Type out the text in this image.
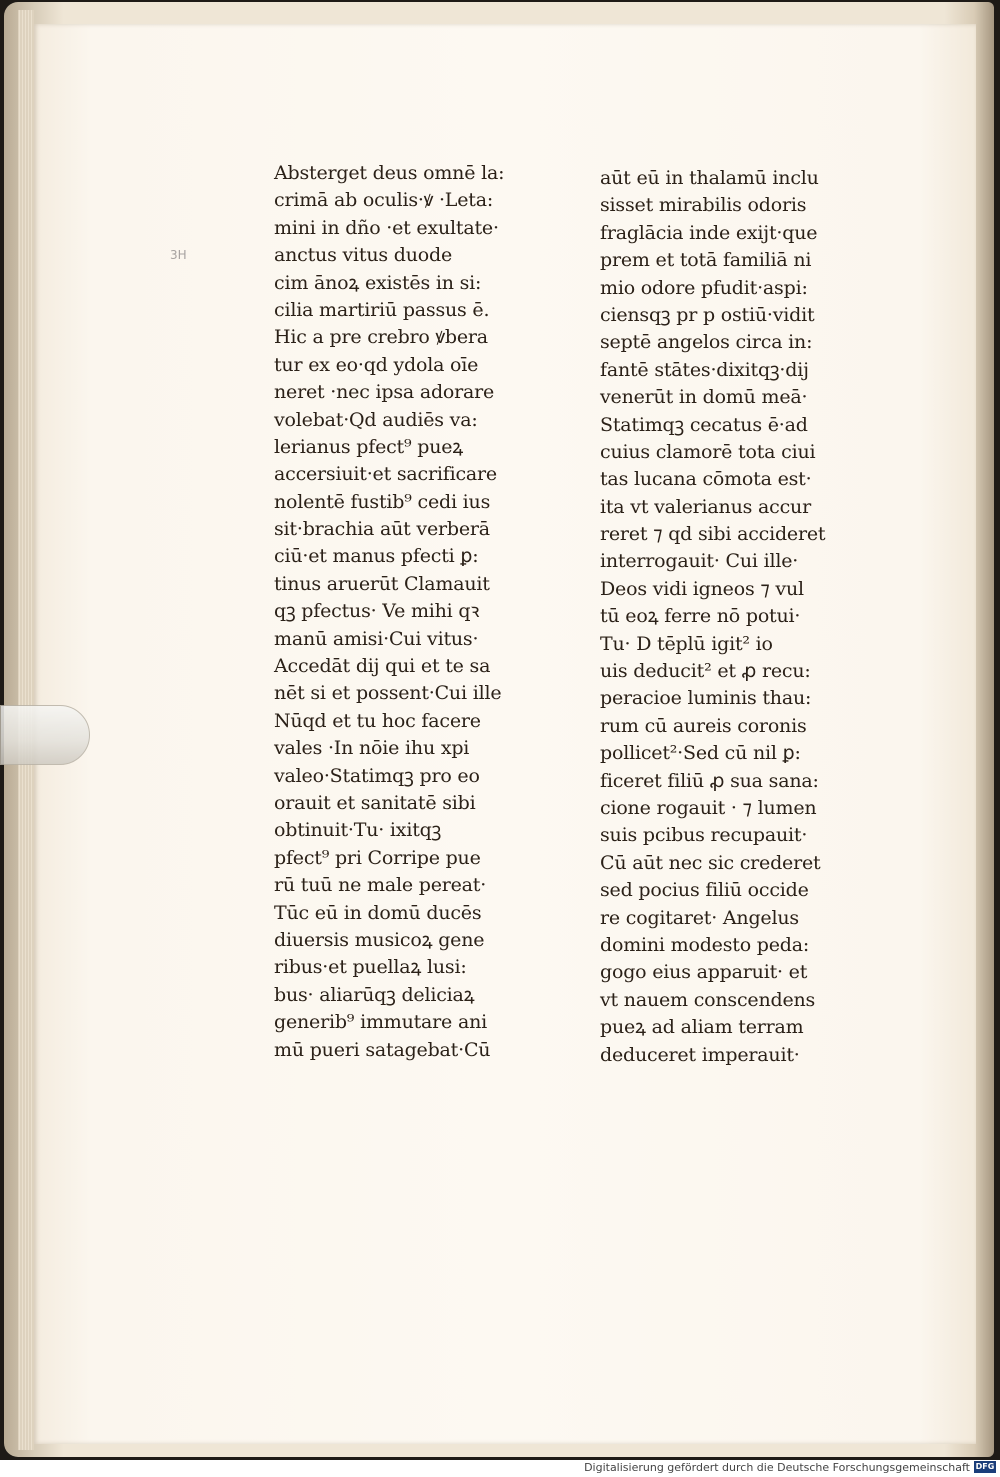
3H
Absterget deus omnē la:
crimā ab oculis·ꝟ ·Leta:
mini in dño ·et exultate·
anctus vitus duode
cim ānoꝝ existēs in si:
cilia martiriū passus ē.
Hic a pre crebro ꝟbera
tur ex eo·qd ydola oīe
neret ·nec ipsa adorare
volebat·Qd audiēs va:
lerianus pfect⁹ pueꝝ
accersiuit·et sacrificare
nolentē fustib⁹ cedi ius
sit·brachia aūt verberā
ciū·et manus pfecti ꝑ:
tinus aruerūt Clamauit
qꝫ pfectus· Ve mihi qꝛ
manū amisi·Cui vitus·
Accedāt dij qui et te sa
nēt si et possent·Cui ille
Nūqd et tu hoc facere
vales ·In nōie ihu xpi
valeo·Statimqꝫ pro eo
orauit et sanitatē sibi
obtinuit·Tu· ixitqꝫ
pfect⁹ pri Corripe pue
rū tuū ne male pereat·
Tūc eū in domū ducēs
diuersis musicoꝝ gene
ribus·et puellaꝝ lusi:
bus· aliarūqꝫ deliciaꝝ
generib⁹ immutare ani
mū pueri satagebat·Cū
aūt eū in thalamū inclu
sisset mirabilis odoris
fraglācia inde exijt·que
prem et totā familiā ni
mio odore pfudit·aspi:
ciensqꝫ pr p ostiū·vidit
septē angelos circa in:
fantē stātes·dixitqꝫ·dij
venerūt in domū meā·
Statimqꝫ cecatus ē·ad
cuius clamorē tota ciui
tas lucana cōmota est·
ita vt valerianus accur
reret ⁊ qd sibi accideret
interrogauit· Cui ille·
Deos vidi igneos ⁊ vul
tū eoꝝ ferre nō potui·
Tu· D tēplū igit² io
uis deducit² et ꝓ recu:
peracioe luminis thau:
rum cū aureis coronis
pollicet²·Sed cū nil ꝑ:
ficeret filiū ꝓ sua sana:
cione rogauit · ⁊ lumen
suis pcibus recupauit·
Cū aūt nec sic crederet
sed pocius filiū occide
re cogitaret· Angelus
domini modesto peda:
gogo eius apparuit· et
vt nauem conscendens
pueꝝ ad aliam terram
deduceret imperauit·
Digitalisierung gefördert durch die Deutsche Forschungsgemeinschaft DFG
